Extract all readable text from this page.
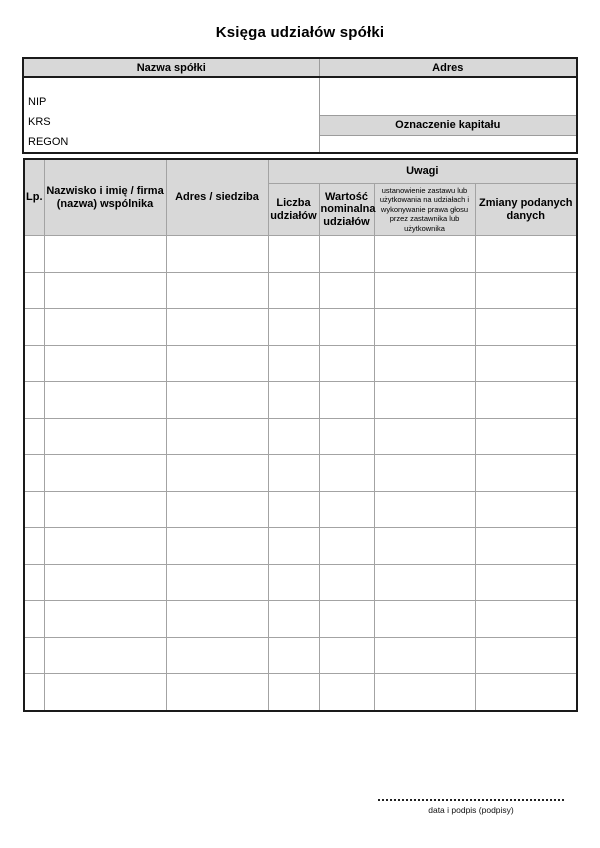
Księga udziałów spółki
Nazwa spółki	Adres

NIP
KRS
REGON	

	Oznaczenie kapitału

Lp.	Nazwisko i imię / firma (nazwa) wspólnika	Adres / siedziba	Uwagi			
			Liczba udziałów	Wartość nominalna udziałów	ustanowienie zastawu lub użytkowania na udziałach i wykonywanie prawa głosu przez zastawnika lub użytkownika	Zmiany podanych danych

data i podpis (podpisy)
